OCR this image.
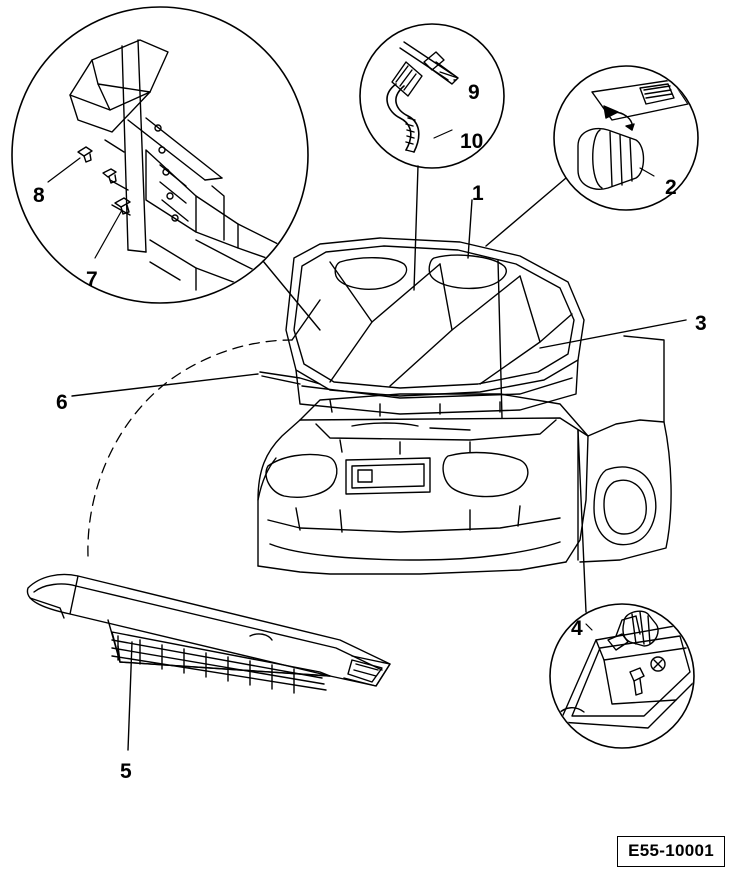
1	2
3
4
5
6
7
8
9
10
E55-10001
